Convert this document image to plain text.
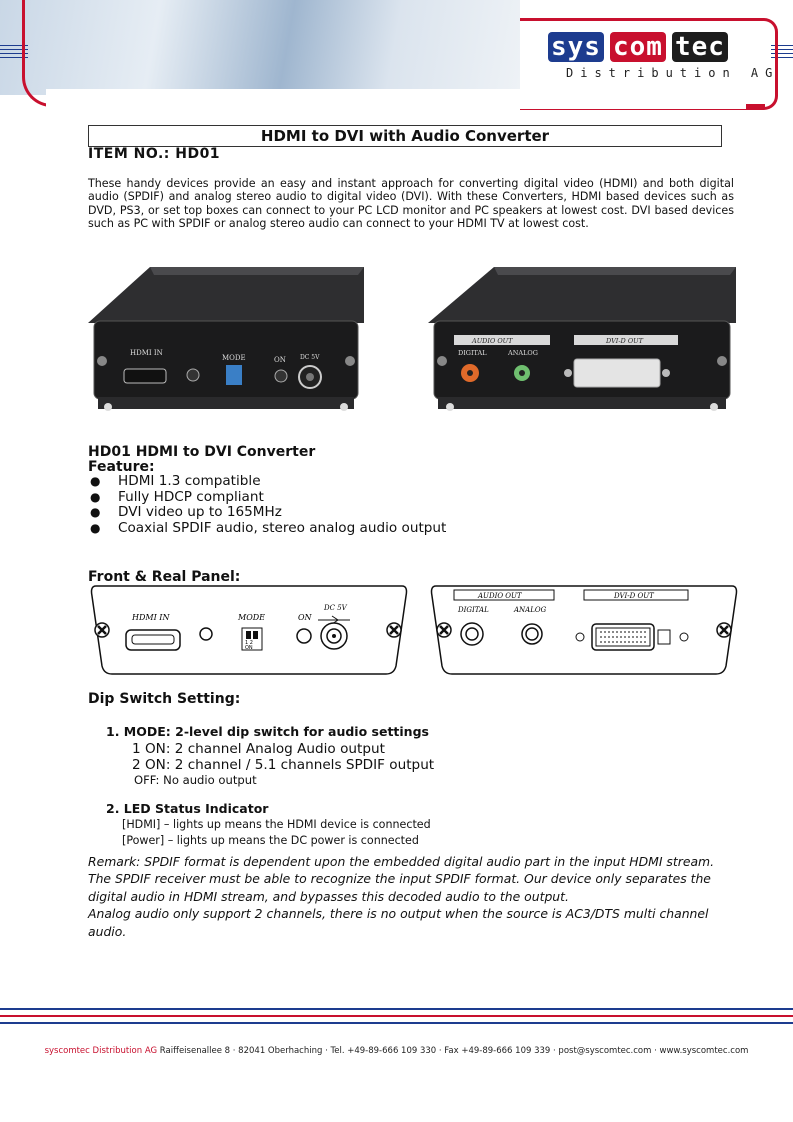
sys com tec
Distribution AG
HDMI to DVI with Audio Converter
ITEM NO.: HD01
These handy devices provide an easy and instant approach for converting digital video (HDMI) and both digital audio (SPDIF) and analog stereo audio to digital video (DVI). With these Converters, HDMI based devices such as DVD, PS3, or set top boxes can connect to your PC LCD monitor and PC speakers at lowest cost. DVI based devices such as PC with SPDIF or analog stereo audio can connect to your HDMI TV at lowest cost.
HDMI IN
MODE	ON DC 5V
AUDIO OUT
DIGITAL	ANALOG
DVI-D OUT
HD01 HDMI to DVI Converter
Feature:
● HDMI 1.3 compatible
● Fully HDCP compliant
● DVI video up to 165MHz
● Coaxial SPDIF audio, stereo analog audio output
Front & Real Panel:
HDMI IN	MODE
1 2
ON
ON
DC 5V
AUDIO OUT
DIGITAL	ANALOG
DVI-D OUT
Dip Switch Setting:
1. MODE: 2-level dip switch for audio settings
1 ON: 2 channel Analog Audio output
2 ON: 2 channel / 5.1 channels SPDIF output
OFF: No audio output
2. LED Status Indicator
[HDMI] – lights up means the HDMI device is connected
[Power] – lights up means the DC power is connected
Remark: SPDIF format is dependent upon the embedded digital audio part in the input HDMI stream. The SPDIF receiver must be able to recognize the input SPDIF format. Our device only separates the digital audio in HDMI stream, and bypasses this decoded audio to the output.
Analog audio only support 2 channels, there is no output when the source is AC3/DTS multi channel audio.
syscomtec Distribution AG Raiffeisenallee 8 · 82041 Oberhaching · Tel. +49-89-666 109 330 · Fax +49-89-666 109 339 · post@syscomtec.com · www.syscomtec.com
